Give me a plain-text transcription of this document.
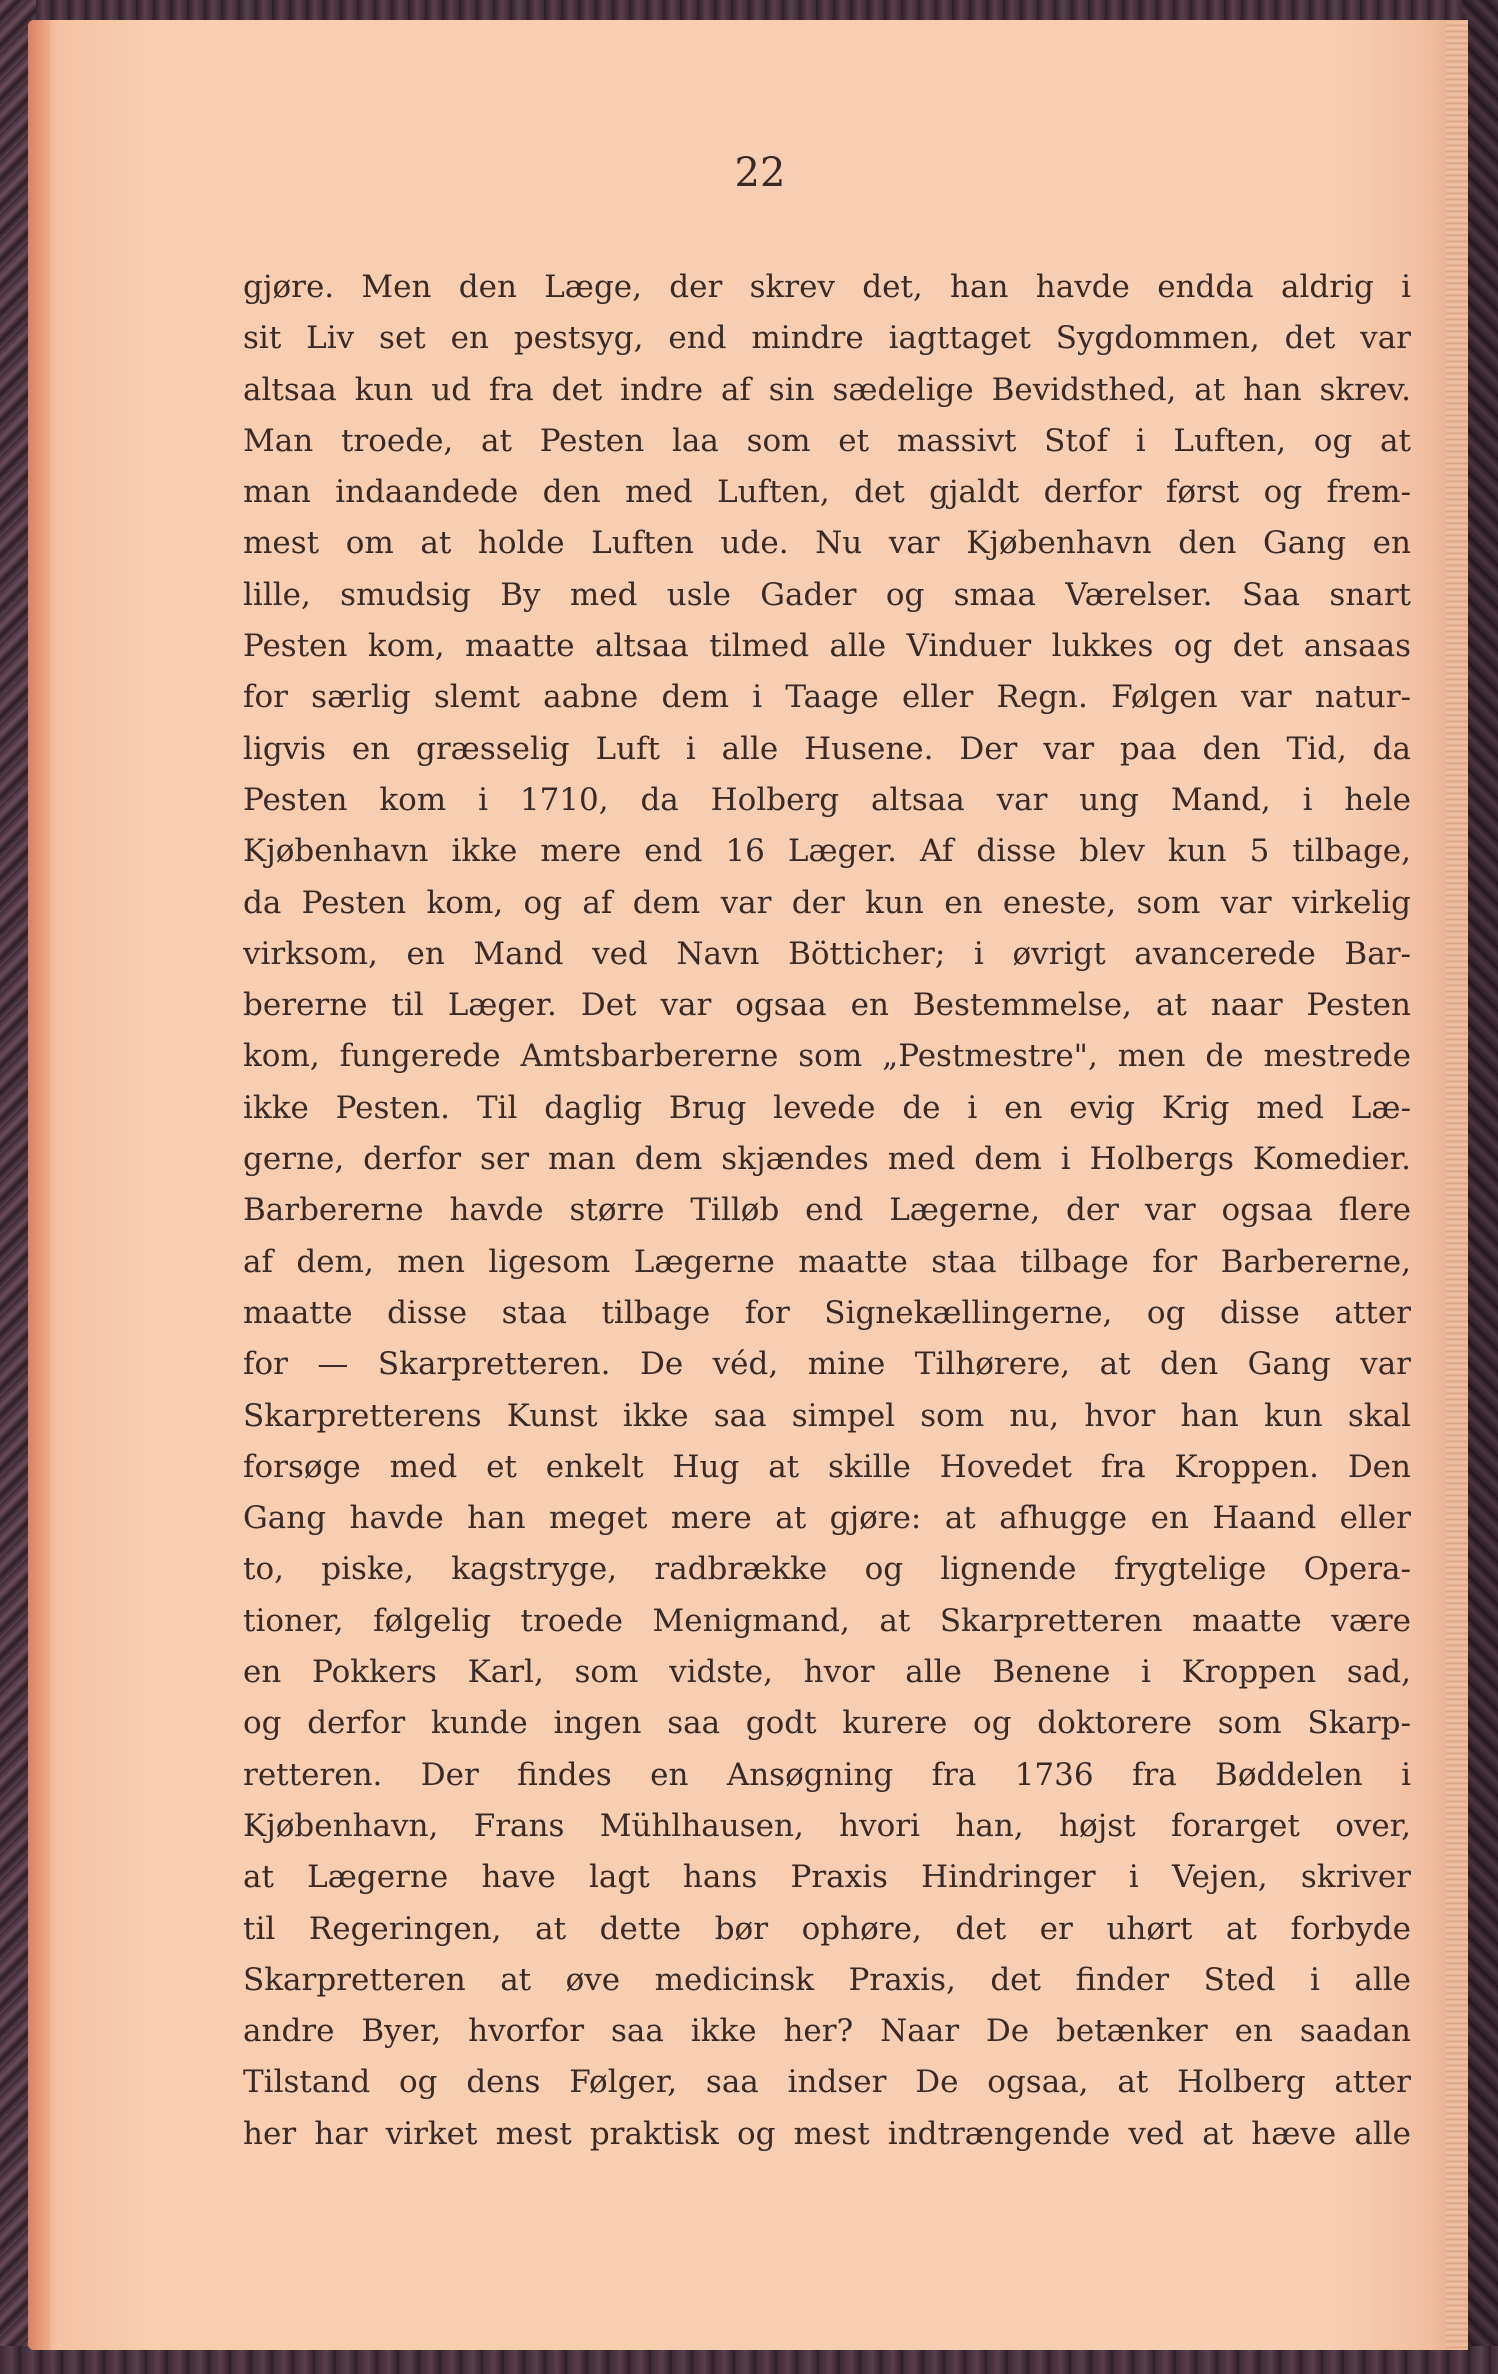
22
gjøre. Men den Læge, der skrev det, han havde endda aldrig i
sit Liv set en pestsyg, end mindre iagttaget Sygdommen, det var
altsaa kun ud fra det indre af sin sædelige Bevidsthed, at han skrev.
Man troede, at Pesten laa som et massivt Stof i Luften, og at
man indaandede den med Luften, det gjaldt derfor først og frem-
mest om at holde Luften ude. Nu var Kjøbenhavn den Gang en
lille, smudsig By med usle Gader og smaa Værelser. Saa snart
Pesten kom, maatte altsaa tilmed alle Vinduer lukkes og det ansaas
for særlig slemt aabne dem i Taage eller Regn. Følgen var natur-
ligvis en græsselig Luft i alle Husene. Der var paa den Tid, da
Pesten kom i 1710, da Holberg altsaa var ung Mand, i hele
Kjøbenhavn ikke mere end 16 Læger. Af disse blev kun 5 tilbage,
da Pesten kom, og af dem var der kun en eneste, som var virkelig
virksom, en Mand ved Navn Bötticher; i øvrigt avancerede Bar-
bererne til Læger. Det var ogsaa en Bestemmelse, at naar Pesten
kom, fungerede Amtsbarbererne som „Pestmestre", men de mestrede
ikke Pesten. Til daglig Brug levede de i en evig Krig med Læ-
gerne, derfor ser man dem skjændes med dem i Holbergs Komedier.
Barbererne havde større Tilløb end Lægerne, der var ogsaa flere
af dem, men ligesom Lægerne maatte staa tilbage for Barbererne,
maatte disse staa tilbage for Signekællingerne, og disse atter
for — Skarpretteren. De véd, mine Tilhørere, at den Gang var
Skarpretterens Kunst ikke saa simpel som nu, hvor han kun skal
forsøge med et enkelt Hug at skille Hovedet fra Kroppen. Den
Gang havde han meget mere at gjøre: at afhugge en Haand eller
to, piske, kagstryge, radbrække og lignende frygtelige Opera-
tioner, følgelig troede Menigmand, at Skarpretteren maatte være
en Pokkers Karl, som vidste, hvor alle Benene i Kroppen sad,
og derfor kunde ingen saa godt kurere og doktorere som Skarp-
retteren. Der findes en Ansøgning fra 1736 fra Bøddelen i
Kjøbenhavn, Frans Mühlhausen, hvori han, højst forarget over,
at Lægerne have lagt hans Praxis Hindringer i Vejen, skriver
til Regeringen, at dette bør ophøre, det er uhørt at forbyde
Skarpretteren at øve medicinsk Praxis, det finder Sted i alle
andre Byer, hvorfor saa ikke her? Naar De betænker en saadan
Tilstand og dens Følger, saa indser De ogsaa, at Holberg atter
her har virket mest praktisk og mest indtrængende ved at hæve alle
